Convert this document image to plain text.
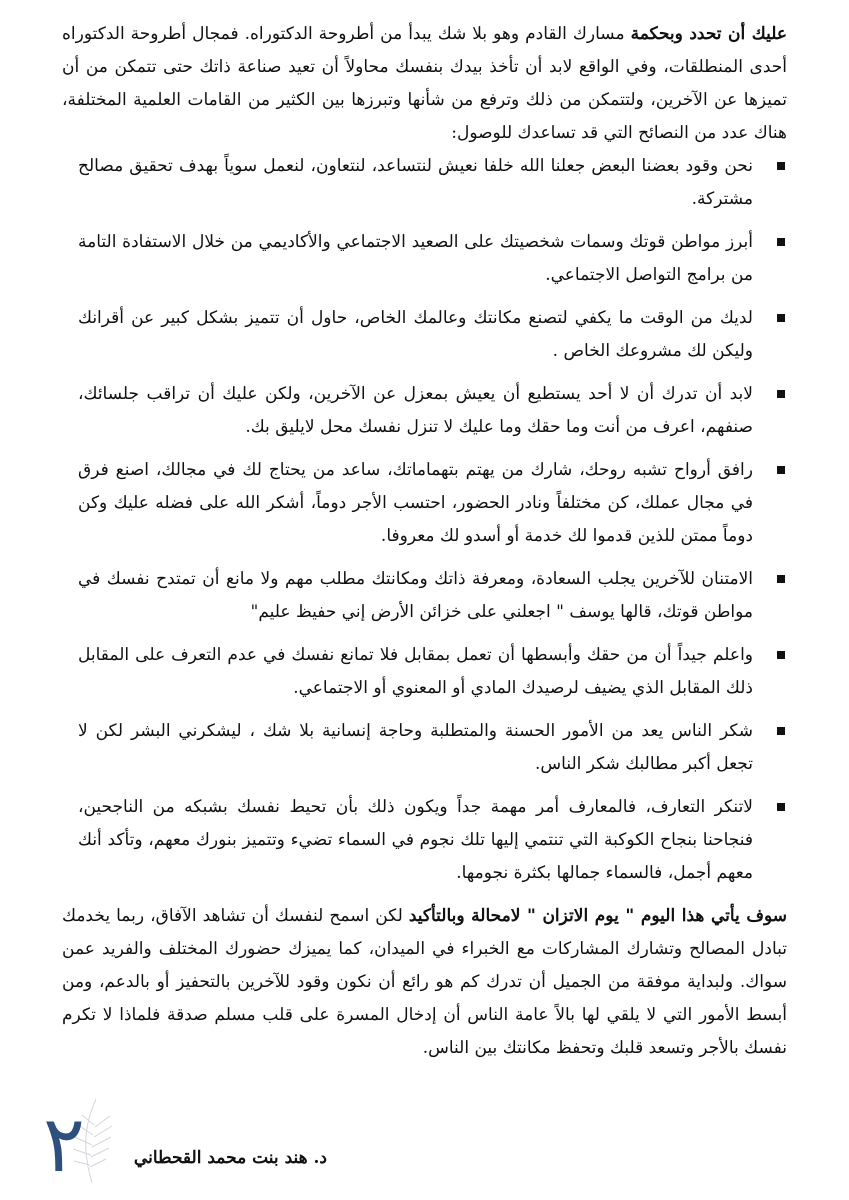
عليك أن تحدد وبحكمة مسارك القادم وهو بلا شك يبدأ من أطروحة الدكتوراه. فمجال أطروحة الدكتوراه أحدى المنطلقات، وفي الواقع لابد أن تأخذ بيدك بنفسك محاولاً أن تعيد صناعة ذاتك حتى تتمكن من أن تميزها عن الآخرين، ولتتمكن من ذلك وترفع من شأنها وتبرزها بين الكثير من القامات العلمية المختلفة، هناك عدد من النصائح التي قد تساعدك للوصول:

نحن وقود بعضنا البعض جعلنا الله خلفا نعيش لنتساعد، لنتعاون، لنعمل سوياً بهدف تحقيق مصالح مشتركة.
أبرز مواطن قوتك وسمات شخصيتك على الصعيد الاجتماعي والأكاديمي من خلال الاستفادة التامة من برامج التواصل الاجتماعي.
لديك من الوقت ما يكفي لتصنع مكانتك وعالمك الخاص، حاول أن تتميز بشكل كبير عن أقرانك وليكن لك مشروعك الخاص .
لابد أن تدرك أن لا أحد يستطيع أن يعيش بمعزل عن الآخرين، ولكن عليك أن تراقب جلسائك، صنفهم، اعرف من أنت وما حقك وما عليك لا تنزل نفسك محل لايليق بك.
رافق أرواح تشبه روحك، شارك من يهتم بتهماماتك، ساعد من يحتاج لك في مجالك، اصنع فرق في مجال عملك، كن مختلفاً ونادر الحضور، احتسب الأجر دوماً، أشكر الله على فضله عليك وكن دوماً ممتن للذين قدموا لك خدمة أو أسدو لك معروفا.
الامتنان للآخرين يجلب السعادة، ومعرفة ذاتك ومكانتك مطلب مهم ولا مانع أن تمتدح نفسك في مواطن قوتك، قالها يوسف " اجعلني على خزائن الأرض إني حفيظ عليم"
واعلم جيداً أن من حقك وأبسطها أن تعمل بمقابل فلا تمانع نفسك في عدم التعرف على المقابل ذلك المقابل الذي يضيف لرصيدك المادي أو المعنوي أو الاجتماعي.
شكر الناس يعد من الأمور الحسنة والمتطلبة وحاجة إنسانية بلا شك ، ليشكرني البشر لكن لا تجعل أكبر مطالبك شكر الناس.
لاتنكر التعارف، فالمعارف أمر مهمة جداً ويكون ذلك بأن تحيط نفسك بشبكه من الناجحين، فنجاحنا بنجاح الكوكبة التي تنتمي إليها تلك نجوم في السماء تضيء وتتميز بنورك معهم، وتأكد أنك معهم أجمل، فالسماء جمالها بكثرة نجومها.

سوف يأتي هذا اليوم " يوم الاتزان " لامحالة وبالتأكيد لكن اسمح لنفسك أن تشاهد الآفاق، ربما يخدمك تبادل المصالح وتشارك المشاركات مع الخبراء في الميدان، كما يميزك حضورك المختلف والفريد عمن سواك. ولبداية موفقة من الجميل أن تدرك كم هو رائع أن نكون وقود للآخرين بالتحفيز أو بالدعم، ومن أبسط الأمور التي لا يلقي لها بالاً عامة الناس أن إدخال المسرة على قلب مسلم صدقة فلماذا لا تكرم نفسك بالأجر وتسعد قلبك وتحفظ مكانتك بين الناس.

٢	د. هند بنت محمد القحطاني
